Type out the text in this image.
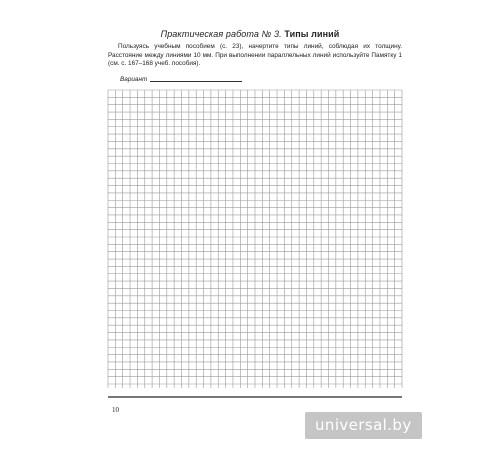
Практическая работа № 3. Типы линий
Пользуясь учебным пособием (с. 23), начертите типы линий, соблюдая их толщину. Расстояние между линиями 10 мм. При выполнении параллельных линий используйте Памятку 1 (см. с. 167–168 учеб. пособия).
Вариант
10
universal.by
